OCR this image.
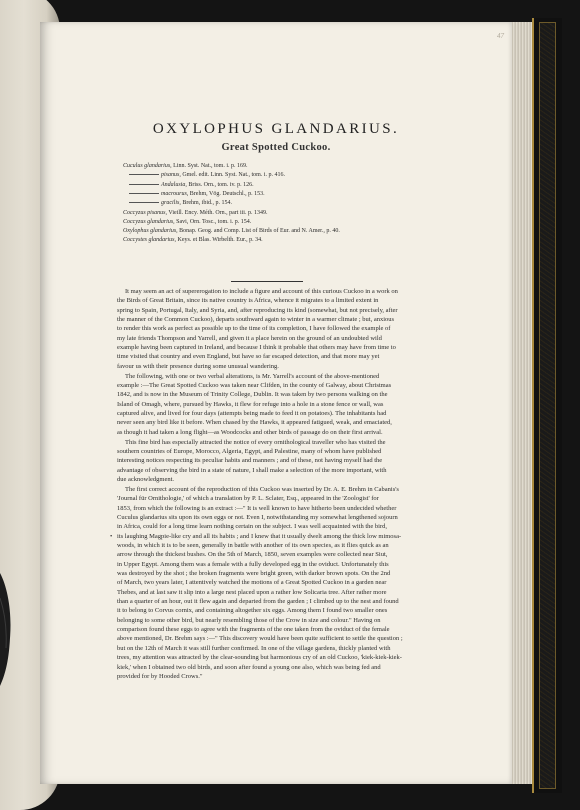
47
OXYLOPHUS GLANDARIUS.
Great Spotted Cuckoo.
Cuculus glandarius, Linn. Syst. Nat., tom. i. p. 169.
pisanus, Gmel. edit. Linn. Syst. Nat., tom. i. p. 416.
Andalusia, Briss. Orn., tom. iv. p. 126.
macrourus, Brehm, Vög. Deutschl., p. 153.
gracilis, Brehm, ibid., p. 154.
Coccyzus pisanus, Vieill. Ency. Méth. Orn., part iii. p. 1349.
Coccyzus glandarius, Savi, Orn. Tosc., tom. i. p. 154.
Oxylophus glandarius, Bonap. Geog. and Comp. List of Birds of Eur. and N. Amer., p. 40.
Coccystes glandarius, Keys. et Blas. Wirbelth. Eur., p. 34.
It may seem an act of supererogation to include a figure and account of this curious Cuckoo in a work on
the Birds of Great Britain, since its native country is Africa, whence it migrates to a limited extent in
spring to Spain, Portugal, Italy, and Syria, and, after reproducing its kind (somewhat, but not precisely, after
the manner of the Common Cuckoo), departs southward again to winter in a warmer climate ; but, anxious
to render this work as perfect as possible up to the time of its completion, I have followed the example of
my late friends Thompson and Yarrell, and given it a place herein on the ground of an undoubted wild
example having been captured in Ireland, and because I think it probable that others may have from time to
time visited that country and even England, but have so far escaped detection, and that more may yet
favour us with their presence during some unusual wandering.
The following, with one or two verbal alterations, is Mr. Yarrell's account of the above-mentioned
example :—The Great Spotted Cuckoo was taken near Clifden, in the county of Galway, about Christmas
1842, and is now in the Museum of Trinity College, Dublin. It was taken by two persons walking on the
Island of Omagh, where, pursued by Hawks, it flew for refuge into a hole in a stone fence or wall, was
captured alive, and lived for four days (attempts being made to feed it on potatoes). The inhabitants had
never seen any bird like it before. When chased by the Hawks, it appeared fatigued, weak, and emaciated,
as though it had taken a long flight—as Woodcocks and other birds of passage do on their first arrival.
This fine bird has especially attracted the notice of every ornithological traveller who has visited the
southern countries of Europe, Morocco, Algeria, Egypt, and Palestine, many of whom have published
interesting notices respecting its peculiar habits and manners ; and of these, not having myself had the
advantage of observing the bird in a state of nature, I shall make a selection of the more important, with
due acknowledgment.
The first correct account of the reproduction of this Cuckoo was inserted by Dr. A. E. Brehm in Cabanis's
'Journal für Ornithologie,' of which a translation by P. L. Sclater, Esq., appeared in the 'Zoologist' for
1853, from which the following is an extract :—" It is well known to have hitherto been undecided whether
Cuculus glandarius sits upon its own eggs or not. Even I, notwithstanding my somewhat lengthened sojourn
in Africa, could for a long time learn nothing certain on the subject. I was well acquainted with the bird,
its laughing Magpie-like cry and all its habits ; and I knew that it usually dwelt among the thick low mimosa-
•
woods, in which it is to be seen, generally in battle with another of its own species, as it flies quick as an
arrow through the thickest bushes. On the 5th of March, 1850, seven examples were collected near Siut,
in Upper Egypt. Among them was a female with a fully developed egg in the oviduct. Unfortunately this
was destroyed by the shot ; the broken fragments were bright green, with darker brown spots. On the 2nd
of March, two years later, I attentively watched the motions of a Great Spotted Cuckoo in a garden near
Thebes, and at last saw it slip into a large nest placed upon a rather low Solicaria tree. After rather more
than a quarter of an hour, out it flew again and departed from the garden ; I climbed up to the nest and found
it to belong to Corvus cornix, and containing altogether six eggs. Among them I found two smaller ones
belonging to some other bird, but nearly resembling those of the Crow in size and colour." Having on
comparison found these eggs to agree with the fragments of the one taken from the oviduct of the female
above mentioned, Dr. Brehm says :—" This discovery would have been quite sufficient to settle the question ;
but on the 12th of March it was still further confirmed. In one of the village gardens, thickly planted with
trees, my attention was attracted by the clear-sounding but harmonious cry of an old Cuckoo, 'kiek-kiek-kiek-
kiek,' when I obtained two old birds, and soon after found a young one also, which was being fed and
provided for by Hooded Crows."
